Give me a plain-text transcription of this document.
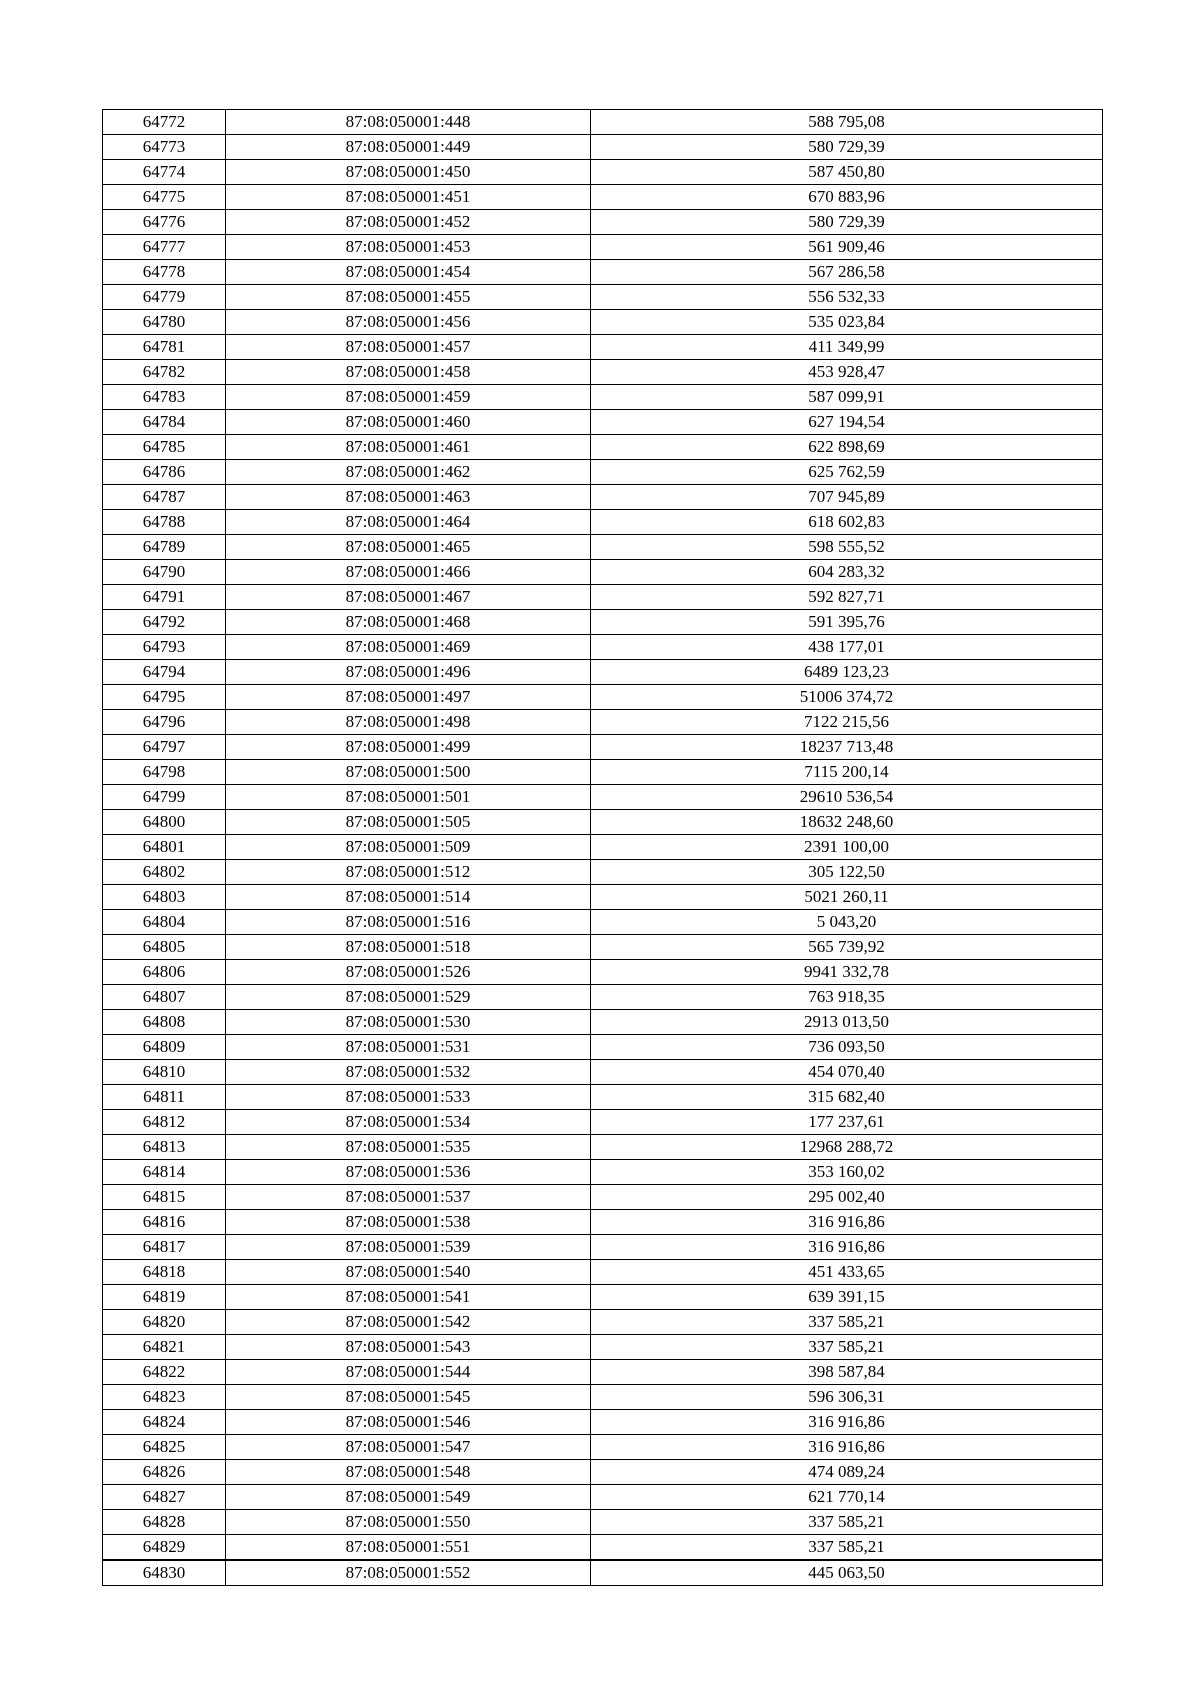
64772	87:08:050001:448	588 795,08
64773	87:08:050001:449	580 729,39
64774	87:08:050001:450	587 450,80
64775	87:08:050001:451	670 883,96
64776	87:08:050001:452	580 729,39
64777	87:08:050001:453	561 909,46
64778	87:08:050001:454	567 286,58
64779	87:08:050001:455	556 532,33
64780	87:08:050001:456	535 023,84
64781	87:08:050001:457	411 349,99
64782	87:08:050001:458	453 928,47
64783	87:08:050001:459	587 099,91
64784	87:08:050001:460	627 194,54
64785	87:08:050001:461	622 898,69
64786	87:08:050001:462	625 762,59
64787	87:08:050001:463	707 945,89
64788	87:08:050001:464	618 602,83
64789	87:08:050001:465	598 555,52
64790	87:08:050001:466	604 283,32
64791	87:08:050001:467	592 827,71
64792	87:08:050001:468	591 395,76
64793	87:08:050001:469	438 177,01
64794	87:08:050001:496	6489 123,23
64795	87:08:050001:497	51006 374,72
64796	87:08:050001:498	7122 215,56
64797	87:08:050001:499	18237 713,48
64798	87:08:050001:500	7115 200,14
64799	87:08:050001:501	29610 536,54
64800	87:08:050001:505	18632 248,60
64801	87:08:050001:509	2391 100,00
64802	87:08:050001:512	305 122,50
64803	87:08:050001:514	5021 260,11
64804	87:08:050001:516	5 043,20
64805	87:08:050001:518	565 739,92
64806	87:08:050001:526	9941 332,78
64807	87:08:050001:529	763 918,35
64808	87:08:050001:530	2913 013,50
64809	87:08:050001:531	736 093,50
64810	87:08:050001:532	454 070,40
64811	87:08:050001:533	315 682,40
64812	87:08:050001:534	177 237,61
64813	87:08:050001:535	12968 288,72
64814	87:08:050001:536	353 160,02
64815	87:08:050001:537	295 002,40
64816	87:08:050001:538	316 916,86
64817	87:08:050001:539	316 916,86
64818	87:08:050001:540	451 433,65
64819	87:08:050001:541	639 391,15
64820	87:08:050001:542	337 585,21
64821	87:08:050001:543	337 585,21
64822	87:08:050001:544	398 587,84
64823	87:08:050001:545	596 306,31
64824	87:08:050001:546	316 916,86
64825	87:08:050001:547	316 916,86
64826	87:08:050001:548	474 089,24
64827	87:08:050001:549	621 770,14
64828	87:08:050001:550	337 585,21
64829	87:08:050001:551	337 585,21
64830	87:08:050001:552	445 063,50
